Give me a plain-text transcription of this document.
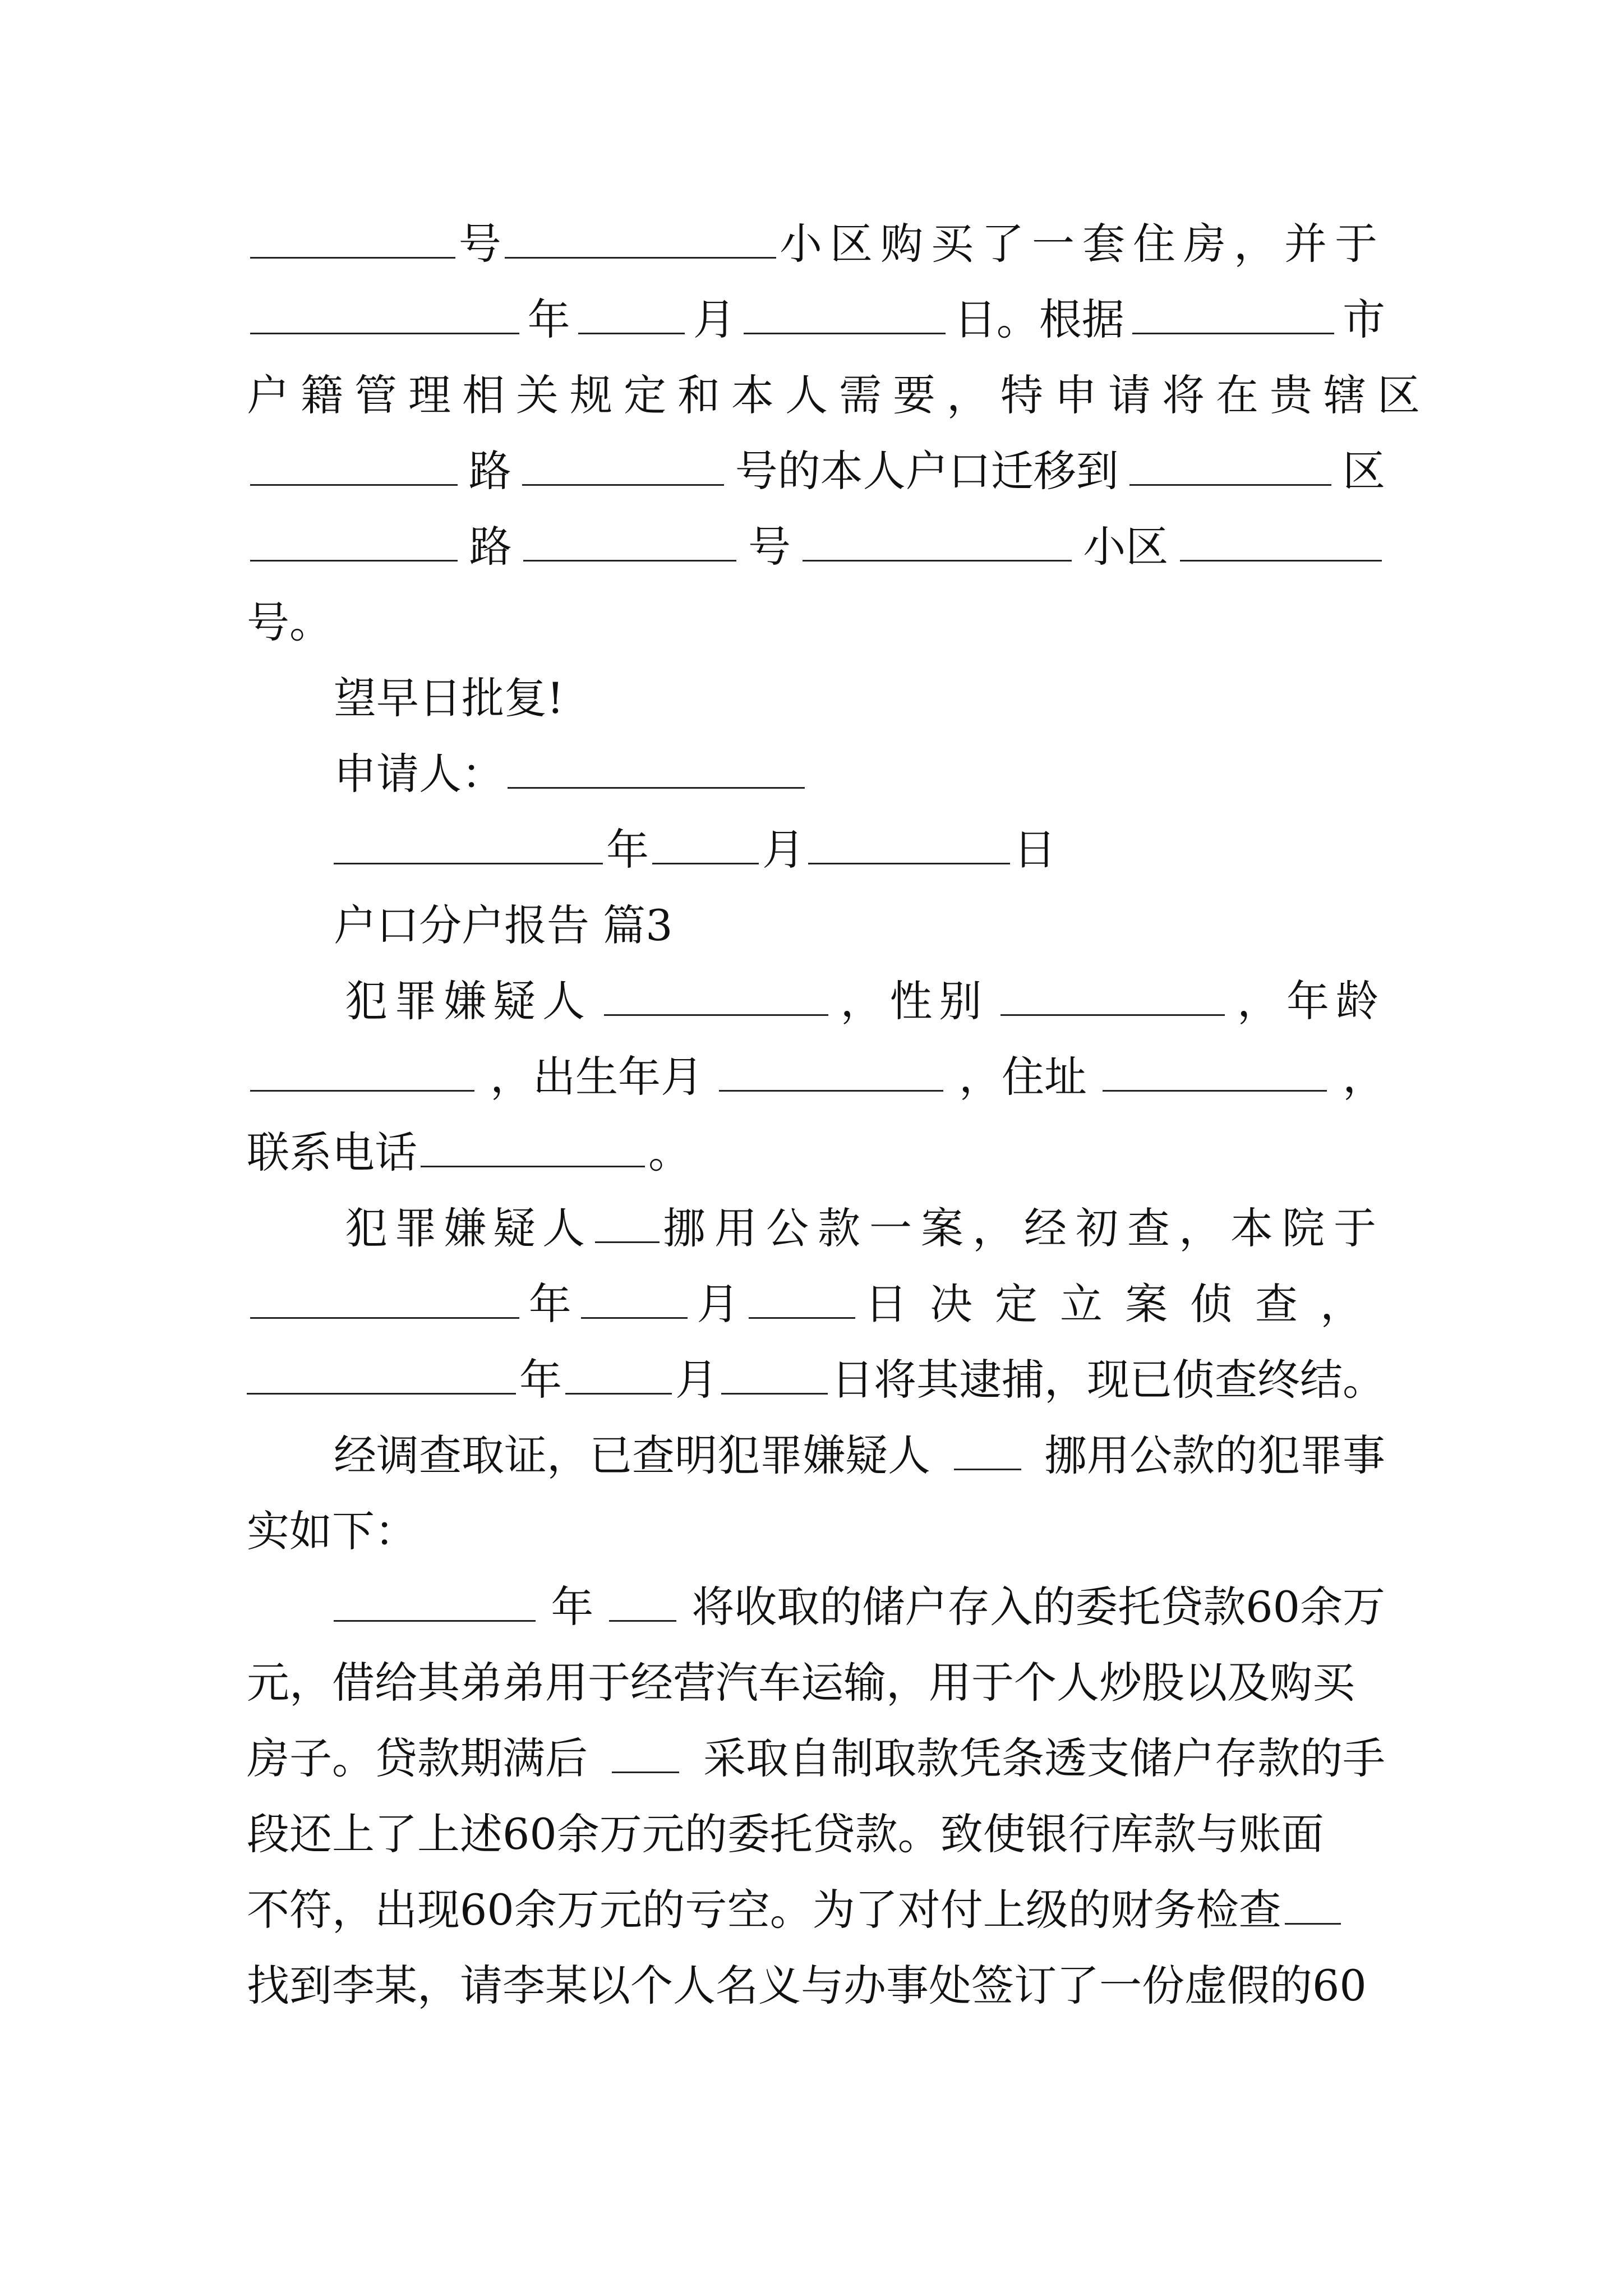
号	小区购买了一套住房，并于
年	月	日。根据	市
户籍管理相关规定和本人需要，特申请将在贵辖区
路	号的本人户口迁移到	区
路	号	小区
号。
望早日批复!
申请人：
年	月	日
户口分户报告 篇3
犯罪嫌疑人	，性别	，年龄
，出生年月	，住址	，
联系电话	。
犯罪嫌疑人 挪用公款一案，经初查，本院于
年	月	日决定立案侦查，
年	月	日将其逮捕，现已侦查终结。
经调查取证，已查明犯罪嫌疑人	挪用公款的犯罪事
实如下：
年 将收取的储户存入的委托贷款60余万
元，借给其弟弟用于经营汽车运输，用于个人炒股以及购买
房子。贷款期满后	采取自制取款凭条透支储户存款的手
段还上了上述60余万元的委托贷款。致使银行库款与账面
不符，出现60余万元的亏空。为了对付上级的财务检查
找到李某，请李某以个人名义与办事处签订了一份虚假的60
